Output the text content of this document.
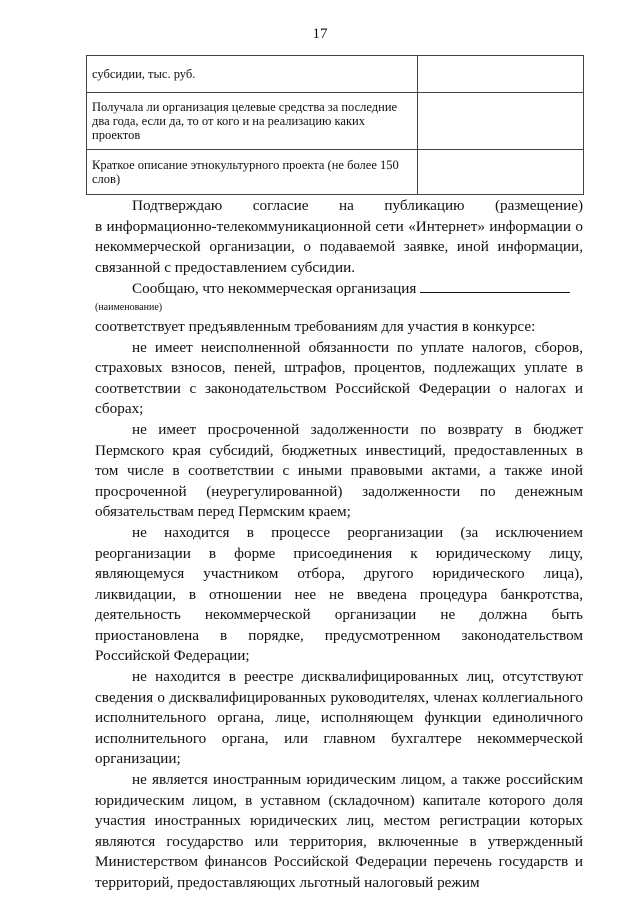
17
субсидии, тыс. руб.	
Получала ли организация целевые средства за последние два года, если да, то от кого и на реализацию каких проектов	
Краткое описание этнокультурного проекта (не более 150 слов)	

Подтверждаю согласие на публикацию (размещение)

в информационно-телекоммуникационной сети «Интернет» информации о некоммерческой организации, о подаваемой заявке, иной информации, связанной с предоставлением субсидии.

Сообщаю, что некоммерческая организация

(наименование)

соответствует предъявленным требованиям для участия в конкурсе:

не имеет неисполненной обязанности по уплате налогов, сборов, страховых взносов, пеней, штрафов, процентов, подлежащих уплате в соответствии с законодательством Российской Федерации о налогах и сборах;

не имеет просроченной задолженности по возврату в бюджет Пермского края субсидий, бюджетных инвестиций, предоставленных в том числе в соответствии с иными правовыми актами, а также иной просроченной (неурегулированной) задолженности по денежным обязательствам перед Пермским краем;

не находится в процессе реорганизации (за исключением реорганизации в форме присоединения к юридическому лицу, являющемуся участником отбора, другого юридического лица), ликвидации, в отношении нее не введена процедура банкротства, деятельность некоммерческой организации не должна быть приостановлена в порядке, предусмотренном законодательством Российской Федерации;

не находится в реестре дисквалифицированных лиц, отсутствуют сведения о дисквалифицированных руководителях, членах коллегиального исполнительного органа, лице, исполняющем функции единоличного исполнительного органа, или главном бухгалтере некоммерческой организации;

не является иностранным юридическим лицом, а также российским юридическим лицом, в уставном (складочном) капитале которого доля участия иностранных юридических лиц, местом регистрации которых являются государство или территория, включенные в утвержденный Министерством финансов Российской Федерации перечень государств и территорий, предоставляющих льготный налоговый режим
